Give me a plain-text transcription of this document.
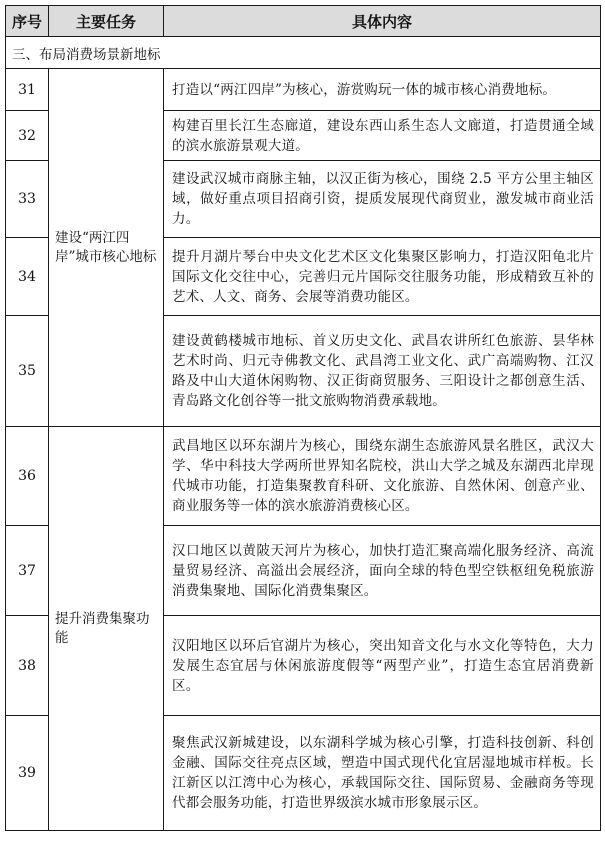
序号	主要任务	具体内容
三、布局消费场景新地标		
31	建设“两江四岸”城市核心地标	打造以“两江四岸”为核心，游赏购玩一体的城市核心消费地标。
32		构建百里长江生态廊道，建设东西山系生态人文廊道，打造贯通全域的滨水旅游景观大道。
33		建设武汉城市商脉主轴，以汉正街为核心，围绕 2.5 平方公里主轴区域，做好重点项目招商引资，提质发展现代商贸业，激发城市商业活力。
34		提升月湖片琴台中央文化艺术区文化集聚区影响力，打造汉阳龟北片国际文化交往中心，完善归元片国际交往服务功能，形成精致互补的艺术、人文、商务、会展等消费功能区。
35		建设黄鹤楼城市地标、首义历史文化、武昌农讲所红色旅游、昙华林艺术时尚、归元寺佛教文化、武昌湾工业文化、武广高端购物、江汉路及中山大道休闲购物、汉正街商贸服务、三阳设计之都创意生活、青岛路文化创谷等一批文旅购物消费承载地。
36	提升消费集聚功能	武昌地区以环东湖片为核心，围绕东湖生态旅游风景名胜区，武汉大学、华中科技大学两所世界知名院校，洪山大学之城及东湖西北岸现代城市功能，打造集聚教育科研、文化旅游、自然休闲、创意产业、商业服务等一体的滨水旅游消费核心区。
37		汉口地区以黄陂天河片为核心，加快打造汇聚高端化服务经济、高流量贸易经济、高溢出会展经济，面向全球的特色型空铁枢纽免税旅游消费集聚地、国际化消费集聚区。
38		汉阳地区以环后官湖片为核心，突出知音文化与水文化等特色，大力发展生态宜居与休闲旅游度假等“两型产业”，打造生态宜居消费新区。
39		聚焦武汉新城建设，以东湖科学城为核心引擎，打造科技创新、科创金融、国际交往亮点区域，塑造中国式现代化宜居湿地城市样板。长江新区以江湾中心为核心，承载国际交往、国际贸易、金融商务等现代都会服务功能，打造世界级滨水城市形象展示区。
